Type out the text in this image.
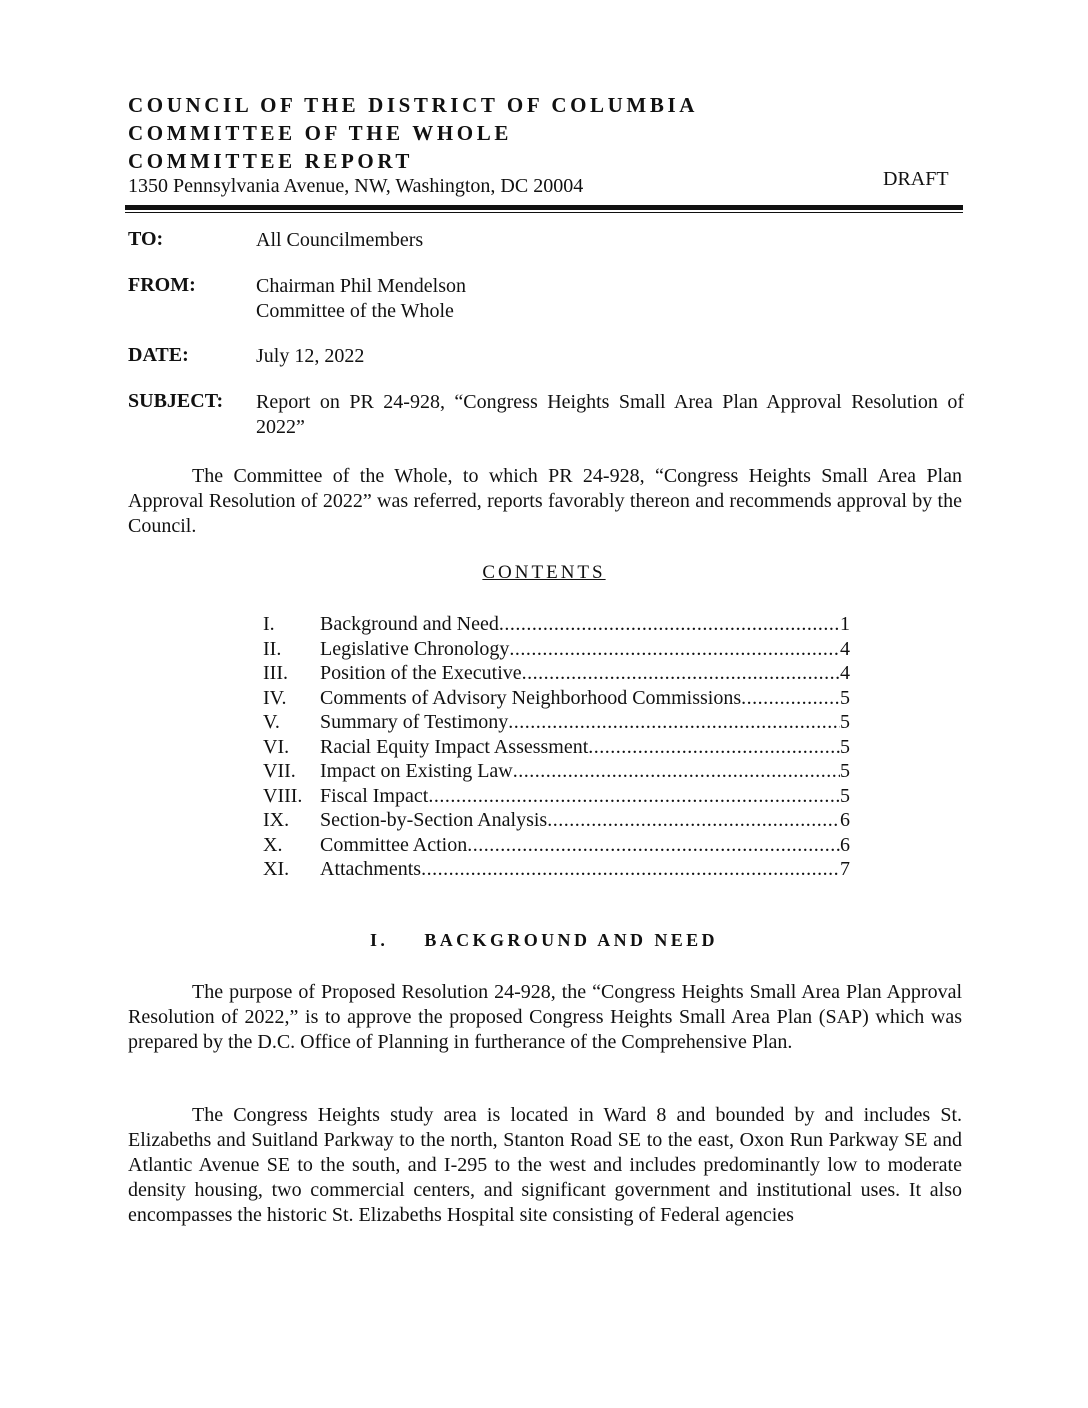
COUNCIL OF THE DISTRICT OF COLUMBIA
COMMITTEE OF THE WHOLE
COMMITTEE REPORT
1350 Pennsylvania Avenue, NW, Washington, DC 20004	DRAFT
TO:	All Councilmembers
FROM:	Chairman Phil Mendelson
Committee of the Whole
DATE:	July 12, 2022
SUBJECT: Report on PR 24-928, “Congress Heights Small Area Plan Approval Resolution of 2022”

The Committee of the Whole, to which PR 24-928, “Congress Heights Small Area Plan Approval Resolution of 2022” was referred, reports favorably thereon and recommends approval by the Council.

CONTENTS
I. Background and Need .....	1
II. Legislative Chronology .....	4
III. Position of the Executive .....	4
IV. Comments of Advisory Neighborhood Commissions .....	5
V. Summary of Testimony .....	5
VI. Racial Equity Impact Assessment .....	5
VII. Impact on Existing Law .....	5
VIII. Fiscal Impact .....	5
IX. Section-by-Section Analysis .....	6
X. Committee Action .....	6
XI. Attachments .....	7
I. BACKGROUND AND NEED

The purpose of Proposed Resolution 24-928, the “Congress Heights Small Area Plan Approval Resolution of 2022,” is to approve the proposed Congress Heights Small Area Plan (SAP) which was prepared by the D.C. Office of Planning in furtherance of the Comprehensive Plan.

The Congress Heights study area is located in Ward 8 and bounded by and includes St. Elizabeths and Suitland Parkway to the north, Stanton Road SE to the east, Oxon Run Parkway SE and Atlantic Avenue SE to the south, and I-295 to the west and includes predominantly low to moderate density housing, two commercial centers, and significant government and institutional uses. It also encompasses the historic St. Elizabeths Hospital site consisting of Federal agencies
